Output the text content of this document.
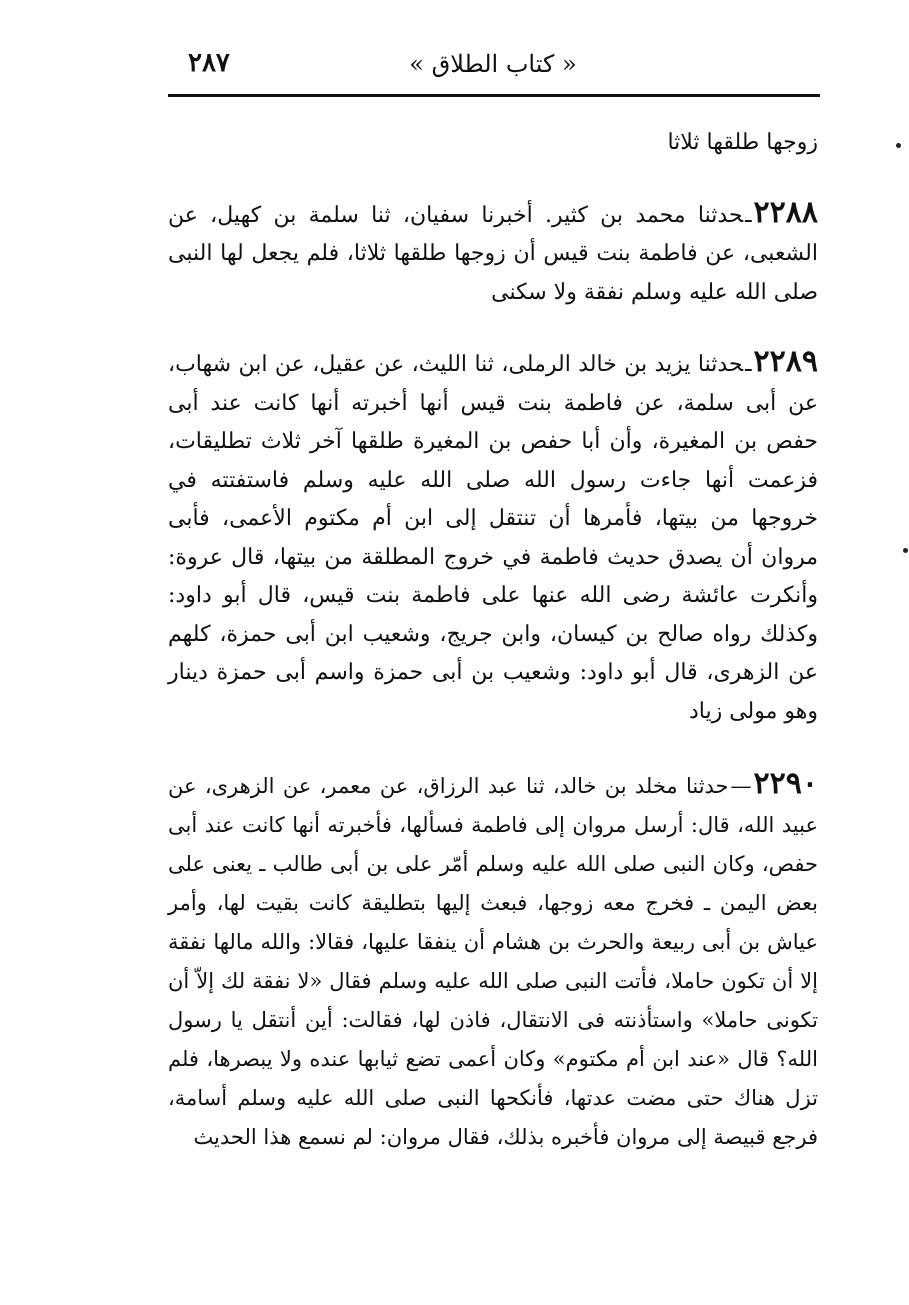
٢٨٧	« كتاب الطلاق »

زوجها طلقها ثلاثا

٢٢٨٨ـحدثنا محمد بن كثير. أخبرنا سفيان، ثنا سلمة بن كهيل، عن الشعبى، عن فاطمة بنت قيس أن زوجها طلقها ثلاثا، فلم يجعل لها النبى صلى الله عليه وسلم نفقة ولا سكنى

٢٢٨٩ـحدثنا يزيد بن خالد الرملى، ثنا الليث، عن عقيل، عن ابن شهاب، عن أبى سلمة، عن فاطمة بنت قيس أنها أخبرته أنها كانت عند أبى حفص بن المغيرة، وأن أبا حفص بن المغيرة طلقها آخر ثلاث تطليقات، فزعمت أنها جاءت رسول الله صلى الله عليه وسلم فاستفتته في خروجها من بيتها، فأمرها أن تنتقل إلى ابن أم مكتوم الأعمى، فأبى مروان أن يصدق حديث فاطمة في خروج المطلقة من بيتها، قال عروة: وأنكرت عائشة رضى الله عنها على فاطمة بنت قيس، قال أبو داود: وكذلك رواه صالح بن كيسان، وابن جريج، وشعيب ابن أبى حمزة، كلهم عن الزهرى، قال أبو داود: وشعيب بن أبى حمزة واسم أبى حمزة دينار وهو مولى زياد

٢٢٩٠—حدثنا مخلد بن خالد، ثنا عبد الرزاق، عن معمر، عن الزهرى، عن عبيد الله، قال: أرسل مروان إلى فاطمة فسألها، فأخبرته أنها كانت عند أبى حفص، وكان النبى صلى الله عليه وسلم أمّر على بن أبى طالب ـ يعنى على بعض اليمن ـ فخرج معه زوجها، فبعث إليها بتطليقة كانت بقيت لها، وأمر عياش بن أبى ربيعة والحرث بن هشام أن ينفقا عليها، فقالا: والله مالها نفقة إلا أن تكون حاملا، فأتت النبى صلى الله عليه وسلم فقال «لا نفقة لك إلاّ أن تكونى حاملا» واستأذنته فى الانتقال، فاذن لها، فقالت: أين أنتقل يا رسول الله؟ قال «عند ابن أم مكتوم» وكان أعمى تضع ثيابها عنده ولا يبصرها، فلم تزل هناك حتى مضت عدتها، فأنكحها النبى صلى الله عليه وسلم أسامة، فرجع قبيصة إلى مروان فأخبره بذلك، فقال مروان: لم نسمع هذا الحديث
